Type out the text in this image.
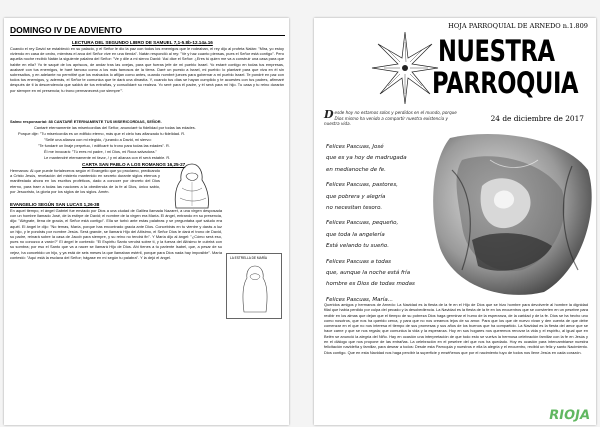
DOMINGO IV DE ADVIENTO
LECTURA DEL SEGUNDO LIBRO DE SAMUEL 7,1-5.8b-12.14a.16
Cuando el rey David se estableció en su palacio, y el Señor le dio la paz con todos los enemigos que le rodeaban, el rey dijo al profeta Natán: "Mira, yo estoy viviendo en casa de cedro, mientras el arca del Señor vive en una tienda". Natán respondió al rey: "Ve y haz cuanto piensas, pues el Señor está contigo". Pero aquella noche recibió Natán la siguiente palabra del Señor: "Ve y dile a mi siervo David: 'Así dice el Señor: ¿Eres tú quien me va a construir una casa para que habite en ella? Yo te saqué de los apriscos, de andar tras las ovejas, para que fueras jefe de mi pueblo Israel. Yo estaré contigo en todas tus empresas, acabaré con tus enemigos, te haré famoso como a los más famosos de la tierra. Daré un puesto a Israel, mi pueblo: lo plantaré para que viva en él sin sobresaltos, y en adelante no permitiré que los malvados lo aflijan como antes, cuando nombré jueces para gobernar a mi pueblo Israel. Te pondré en paz con todos tus enemigos, y, además, el Señor te comunica que te dará una dinastía. Y, cuando tus días se hayan cumplido y te acuestes con tus padres, afirmaré después de ti la descendencia que saldrá de tus entrañas, y consolidaré su realeza. Yo seré para él padre, y él será para mí hijo. Tu casa y tu reino durarán por siempre en mi presencia; tu trono permanecerá por siempre'".
Salmo responsorial: 88 CANTARÉ ETERNAMENTE TUS MISERICORDIAS, SEÑOR.
Cantaré eternamente las misericordias del Señor, anunciaré tu fidelidad por todas las edades.
Porque dije: "Tu misericordia es un edificio eterno, más que el cielo has afianzado tu fidelidad. R.
"Sellé una alianza con mi elegido, / jurando a David, mi siervo:
"Te fundaré un linaje perpetuo, / edificaré tu trono para todas las edades". R.
Él me invocará: "Tú eres mi padre, / mi Dios, mi Roca salvadora."
Le mantendré eternamente mi favor, / y mi alianza con él será estable. R.
CARTA SAN PABLO A LOS ROMANOS 16,25-27
Hermanos: Al que puede fortaleceros según el Evangelio que yo proclamo, predicando a Cristo Jesús, revelación del misterio mantenido en secreto durante siglos eternos y manifestado ahora en los escritos proféticos, dado a conocer por decreto del Dios eterno, para traer a todas las naciones a la obediencia de la fe al Dios, único sabio, por Jesucristo, la gloria por los siglos de los siglos. Amén.
EVANGELIO SEGÚN SAN LUCAS 1,26-38
En aquel tiempo, el ángel Gabriel fue enviado por Dios a una ciudad de Galilea llamada Nazaret, a una virgen desposada con un hombre llamado José, de la estirpe de David; el nombre de la virgen era María. El ángel, entrando en su presencia, dijo: "Alégrate, llena de gracia, el Señor está contigo". Ella se turbó ante estas palabras y se preguntaba qué saludo era aquél. El ángel le dijo: "No temas, María, porque has encontrado gracia ante Dios. Concebirás en tu vientre y darás a luz un hijo, y le pondrás por nombre Jesús. Será grande, se llamará Hijo del Altísimo, el Señor Dios le dará el trono de David, su padre, reinará sobre la casa de Jacob para siempre, y su reino no tendrá fin". Y María dijo al ángel: "¿Cómo será eso, pues no conozco a varón?" El ángel le contestó: "El Espíritu Santo vendrá sobre ti, y la fuerza del Altísimo te cubrirá con su sombra; por eso el Santo que va a nacer se llamará Hijo de Dios. Ahí tienes a tu pariente Isabel, que, a pesar de su vejez, ha concebido un hijo, y ya está de seis meses la que llamaban estéril, porque para Dios nada hay imposible". María contestó: "Aquí está la esclava del Señor; hágase en mí según tu palabra". Y la dejó el ángel.	LA ESTRELLA DE MARÍA
HOJA PARROQUIAL DE ARNEDO n.1.809
NUESTRA
PARROQUIA
Desde hoy no estamos solos y perdidos en el mundo, porque Dios mismo ha venido a compartir nuestra existencia y nuestra vida.
24 de diciembre de 2017
Felices Pascuas, José
que es ya hoy de madrugada
en medianoche de fe.
Felices Pascuas, pastores,
que pobrera y alegría
no necesitan tesoro.
Felices Pascuas, pequeño,
que toda la angelería
Está velando tu sueño.
Felices Pascuas a todas
que, aunque la noche está fría
hombre es Dios de todas modas
Felices Pascuas, María...
Queridos amigos y hermanos de Arnedo: La Navidad es la fiesta de la fe en el Hijo de Dios que se hizo hombre para devolverle al hombre la dignidad filial que había perdido por culpa del pecado y la desobediencia. La Navidad es la fiesta de la fe en los encuentros que se convierten en un pesebre para recibir en los almas que dejan que el tiempo de su pobreza Dios haga germinar el humo de la esperanza, de la caridad y de la fe. Dios se ha hecho uno como nosotros, que nos ha querido cerca, y para que no nos creamos lejos de su amor. Para que los que de nuevo vivan y den cuenta de que debe comenzar en el que no nos interesa el tiempo de sus promesas y sus años de los buenos que ha compartido. La Navidad es la fiesta del amor que se hace carne y que se nos regala; que comunica la vida y la esperanza. Hoy en sus hogares nos queremos renovar la vida y el espíritu, al igual que en Belén se anunció la alegría del Niño. Hay en ocasión una interpretación de que todo esto se vuelva la hermosa celebración familiar con la fe en Jesús y en el diálogo que nos propone de las entrañas. La celebración en el pesebre del que nos ha quedado. Hoy es ocasión para intercambiarse nuestra felicitación navideña y familiar, para desear a todos: Desde esta Parroquia y nuestros e ella la alegría y el encuentro, recibid un feliz y santo Nacimiento. Dios contigo. Que en esta Navidad nos haga percibir la superficie y enséñenos que por el nacimiento tuyo de todos nos llene Jesús en cada corazón.
RIOJA
